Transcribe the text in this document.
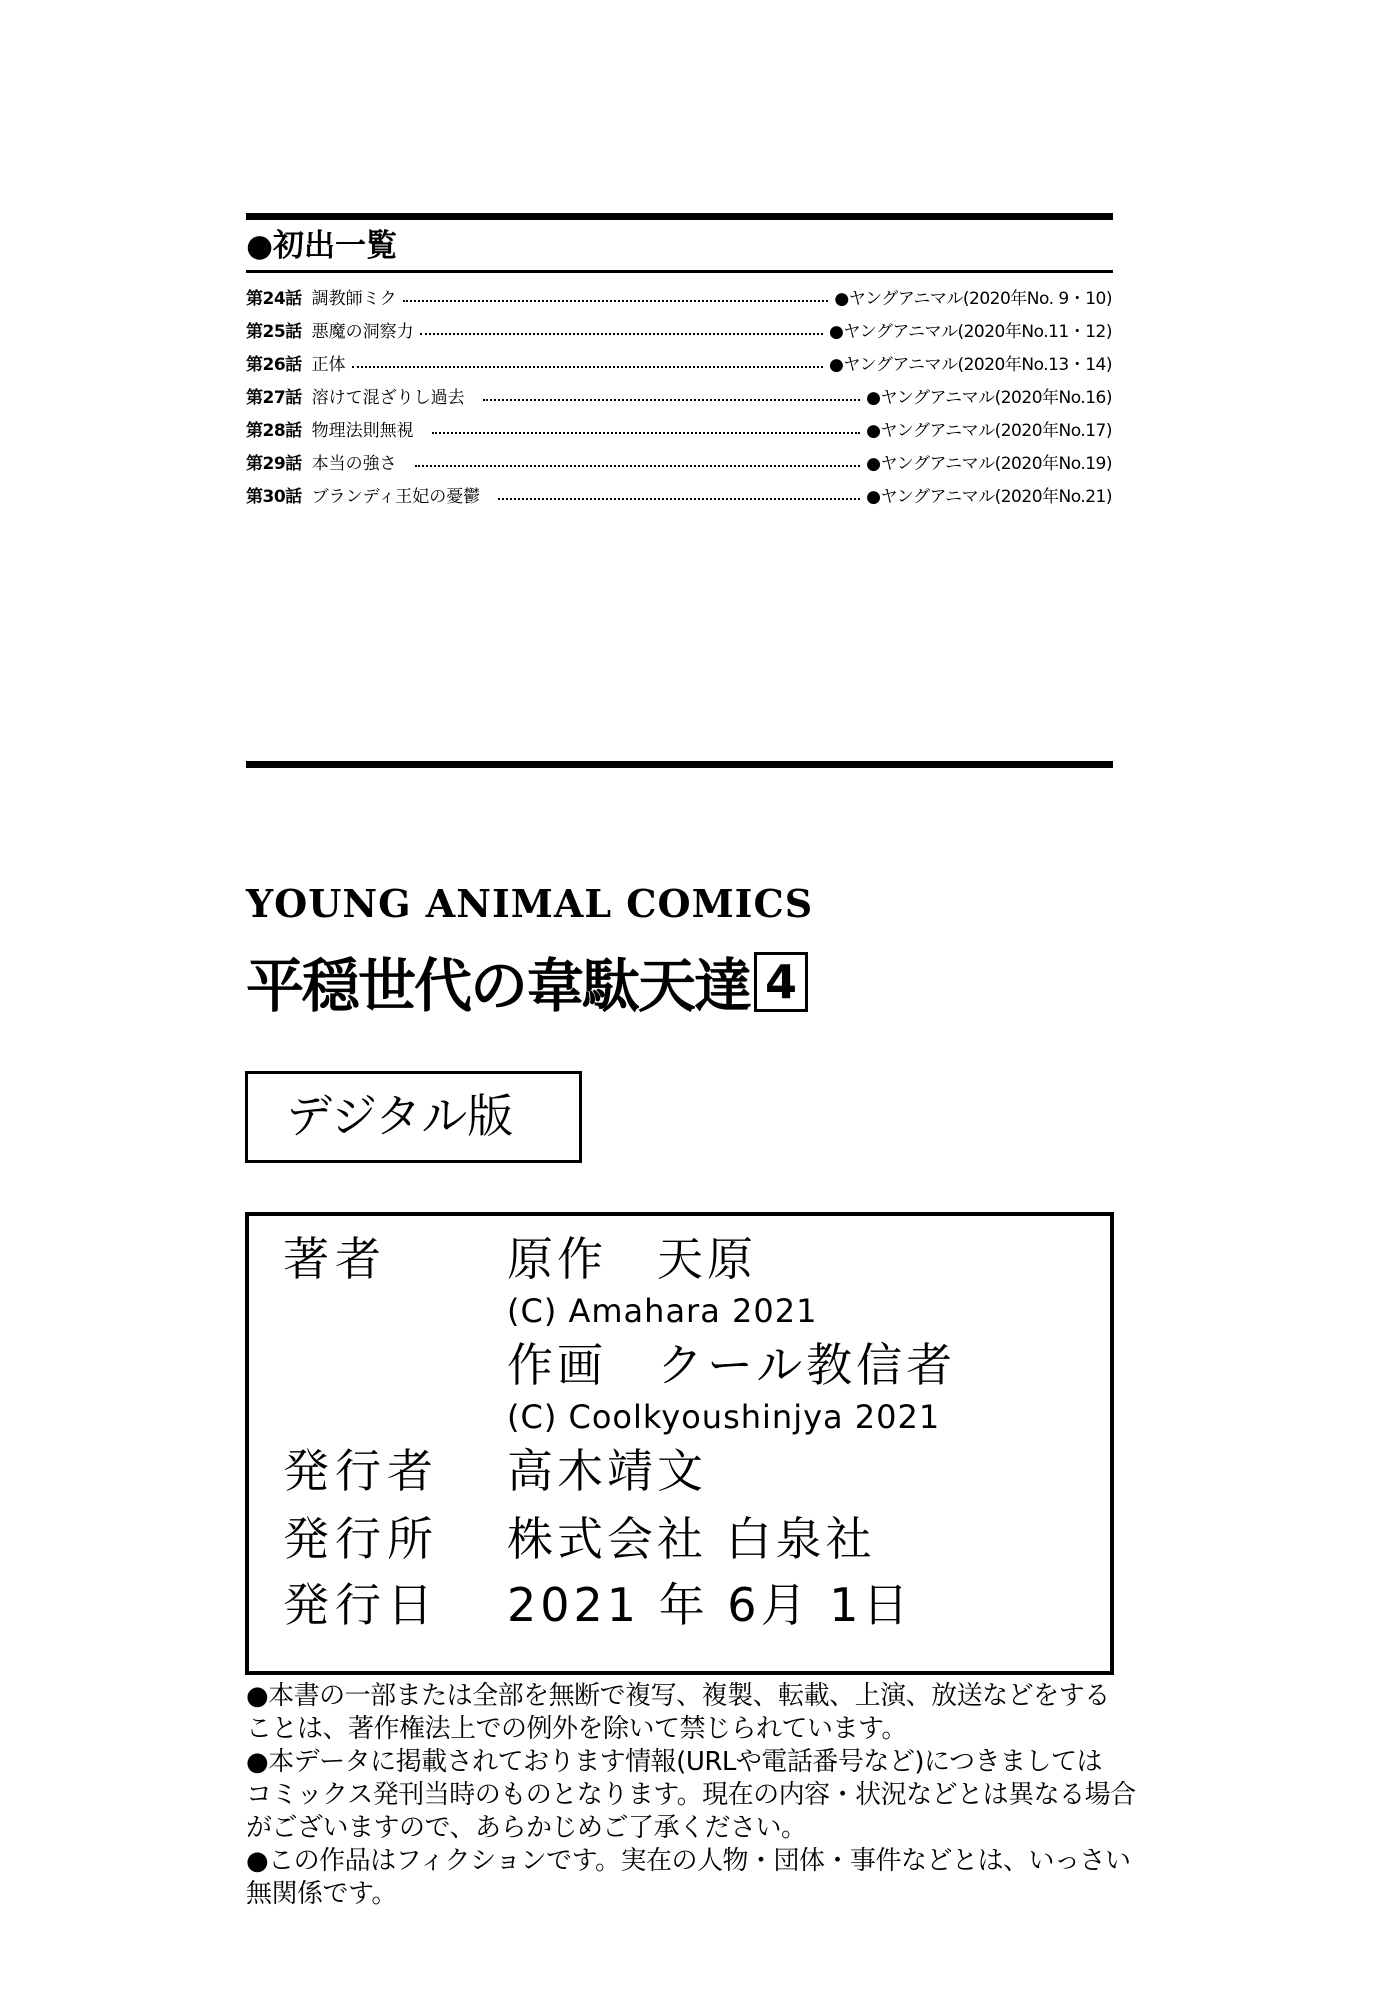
●初出一覧
第24話 調教師ミク	●ヤングアニマル(2020年No. 9・10)
第25話 悪魔の洞察力	●ヤングアニマル(2020年No.11・12)
第26話 正体	●ヤングアニマル(2020年No.13・14)
第27話 溶けて混ざりし過去	●ヤングアニマル(2020年No.16)
第28話 物理法則無視	●ヤングアニマル(2020年No.17)
第29話 本当の強さ	●ヤングアニマル(2020年No.19)
第30話 ブランディ王妃の憂鬱	●ヤングアニマル(2020年No.21)
YOUNG ANIMAL COMICS
平穏世代の韋駄天達 4
デジタル版
著者	原作　天原
(C) Amahara 2021
作画　クール教信者
(C) Coolkyoushinjya 2021
発行者 高木靖文
発行所 株式会社 白泉社
発行日 2021 年 6月 1日
●本書の一部または全部を無断で複写、複製、転載、上演、放送などをする
ことは、著作権法上での例外を除いて禁じられています。
●本データに掲載されております情報(URLや電話番号など)につきましては
コミックス発刊当時のものとなります。現在の内容・状況などとは異なる場合
がございますので、あらかじめご了承ください。
●この作品はフィクションです。実在の人物・団体・事件などとは、いっさい
無関係です。
